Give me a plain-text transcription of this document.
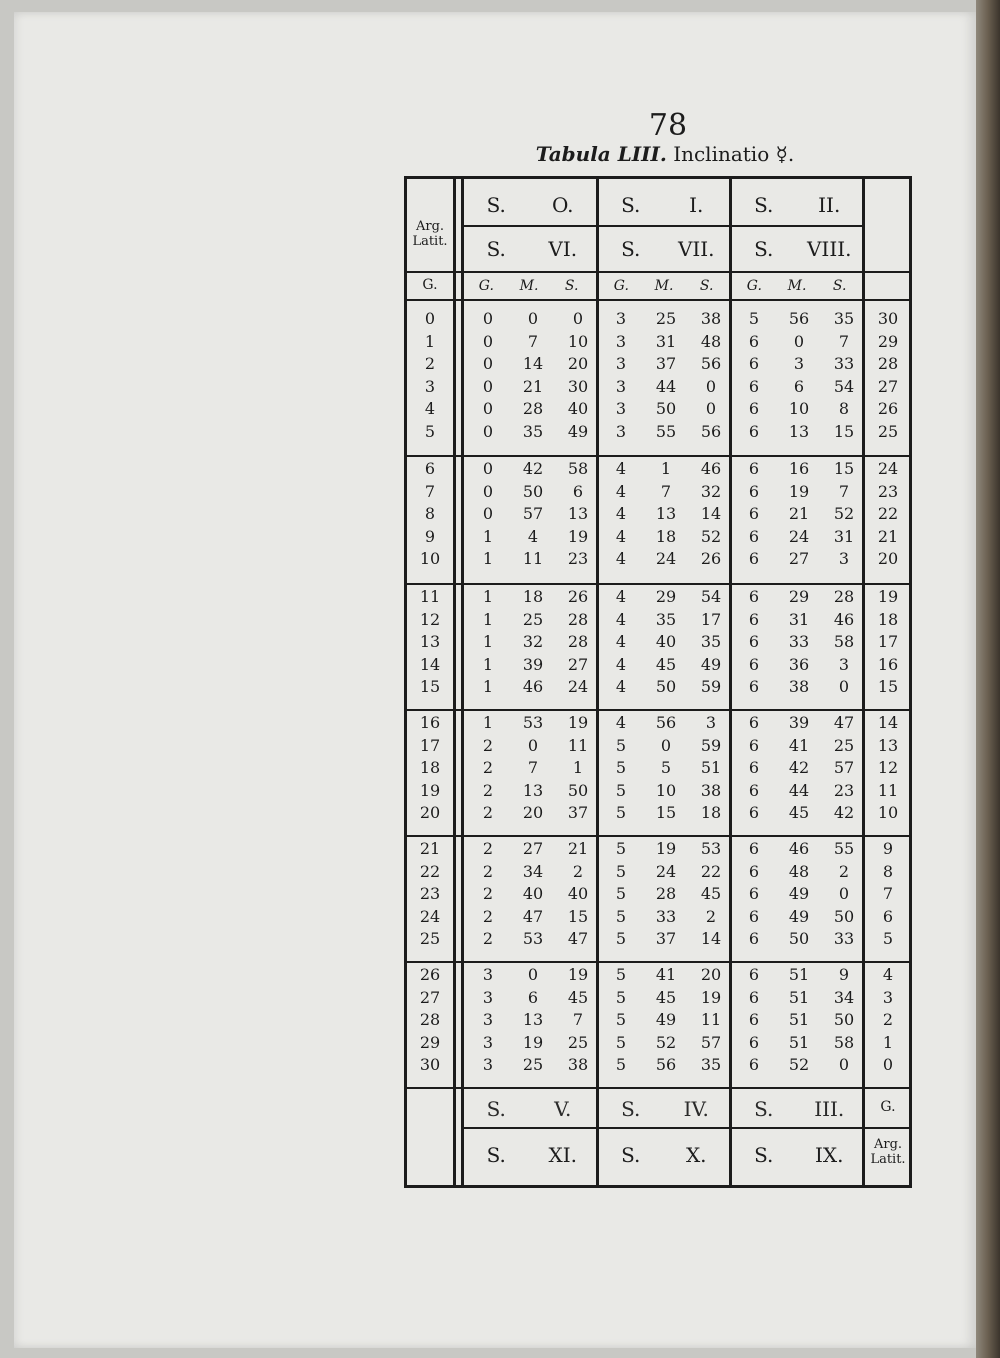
78
Tabula LIII. Inclinatio ☿.
Arg. Latit.
S.	O.	S.	I.	S.	II.
S.	VI.	S.	VII.	S.	VIII.
G.	G.	M.	S.	G.	M.	S.	G.	M.	S.
0	0	0	0	3	25	38	5	56	35	30
1	0	7	10	3	31	48	6	0	7	29
2	0	14	20	3	37	56	6	3	33	28
3	0	21	30	3	44	0	6	6	54	27
4	0	28	40	3	50	0	6	10	8	26
5	0	35	49	3	55	56	6	13	15	25
6	0	42	58	4	1	46	6	16	15	24
7	0	50	6	4	7	32	6	19	7	23
8	0	57	13	4	13	14	6	21	52	22
9	1	4	19	4	18	52	6	24	31	21
10	1	11	23	4	24	26	6	27	3	20
11	1	18	26	4	29	54	6	29	28	19
12	1	25	28	4	35	17	6	31	46	18
13	1	32	28	4	40	35	6	33	58	17
14	1	39	27	4	45	49	6	36	3	16
15	1	46	24	4	50	59	6	38	0	15
16	1	53	19	4	56	3	6	39	47	14
17	2	0	11	5	0	59	6	41	25	13
18	2	7	1	5	5	51	6	42	57	12
19	2	13	50	5	10	38	6	44	23	11
20	2	20	37	5	15	18	6	45	42	10
21	2	27	21	5	19	53	6	46	55	9
22	2	34	2	5	24	22	6	48	2	8
23	2	40	40	5	28	45	6	49	0	7
24	2	47	15	5	33	2	6	49	50	6
25	2	53	47	5	37	14	6	50	33	5
26	3	0	19	5	41	20	6	51	9	4
27	3	6	45	5	45	19	6	51	34	3
28	3	13	7	5	49	11	6	51	50	2
29	3	19	25	5	52	57	6	51	58	1
30	3	25	38	5	56	35	6	52	0	0
G.
Arg. Latit.
S.	V.	S.	IV.	S.	III.
S.	XI.	S.	X.	S.	IX.
